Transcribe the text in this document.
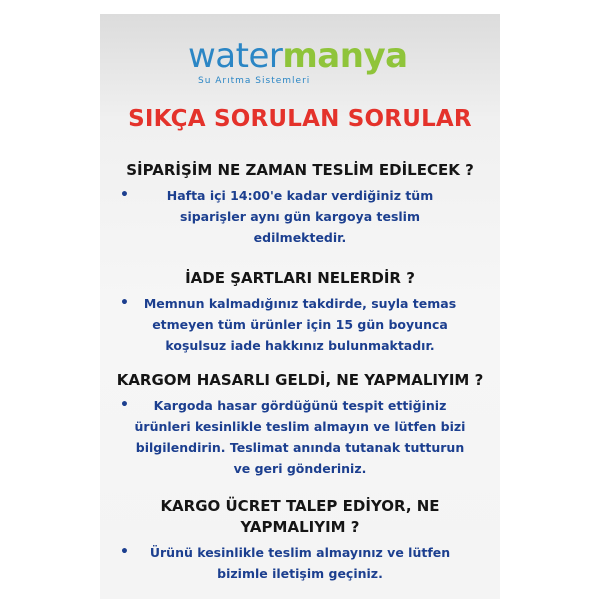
watermanya
Su Arıtma Sistemleri
SIKÇA SORULAN SORULAR

SİPARİŞİM NE ZAMAN TESLİM EDİLECEK ?

•	Hafta içi 14:00'e kadar verdiğiniz tüm
siparişler aynı gün kargoya teslim
edilmektedir.

İADE ŞARTLARI NELERDİR ?

•	Memnun kalmadığınız takdirde, suyla temas
etmeyen tüm ürünler için 15 gün boyunca
koşulsuz iade hakkınız bulunmaktadır.

KARGOM HASARLI GELDİ, NE YAPMALIYIM ?

•	Kargoda hasar gördüğünü tespit ettiğiniz
ürünleri kesinlikle teslim almayın ve lütfen bizi
bilgilendirin. Teslimat anında tutanak tutturun
ve geri gönderiniz.

KARGO ÜCRET TALEP EDİYOR, NE
YAPMALIYIM ?

•	Ürünü kesinlikle teslim almayınız ve lütfen
bizimle iletişim geçiniz.
